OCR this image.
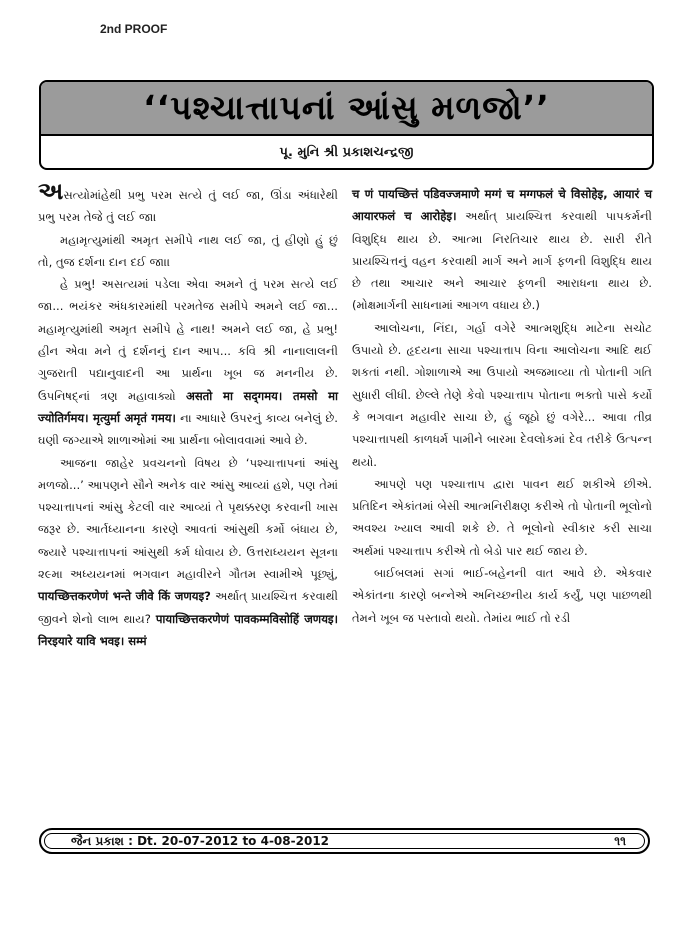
2nd PROOF
‘‘પશ્ચાત્તાપનાં આંસુ મળજો’’
પૂ. મુનિ શ્રી પ્રકાશચન્દ્રજી

અસત્યોમાંહેથી પ્રભુ પરમ સત્યે તું લઈ જા, ઊંડા અંધારેથી પ્રભુ પરમ તેજે તું લઈ જા।

મહામૃત્યુમાંથી અમૃત સમીપે નાથ લઈ જા, તું હીણો હું છું તો, તુજ દર્શના દાન દઈ જા।।

હે પ્રભુ! અસત્યમાં પડેલા એવા અમને તું પરમ સત્યે લઈ જા... ભયંકર અંધકારમાંથી પરમતેજ સમીપે અમને લઈ જા... મહામૃત્યુમાંથી અમૃત સમીપે હે નાથ! અમને લઈ જા, હે પ્રભુ! હીન એવા મને તું દર્શનનું દાન આપ... કવિ શ્રી નાનાલાલની ગુજરાતી પદ્યાનુવાદની આ પ્રાર્થના ખૂબ જ મનનીય છે. ઉપનિષદ્‌નાં ત્રણ મહાવાક્યો असतो मा सद्‌गमय। तमसो मा ज्योतिर्गमय। मृत्युर्मा अमृतं गमय। ના આધારે ઉપરનું કાવ્ય બનેલું છે. ઘણી જગ્યાએ શાળાઓમાં આ પ્રાર્થના બોલાવવામાં આવે છે.

આજના જાહેર પ્રવચનનો વિષય છે ‘પશ્ચાત્તાપનાં આંસુ મળજો...’ આપણને સૌને અનેક વાર આંસુ આવ્યાં હશે, પણ તેમાં પશ્ચાત્તાપનાં આંસુ કેટલી વાર આવ્યાં તે પૃથક્કરણ કરવાની ખાસ જરૂર છે. આર્તધ્યાનના કારણે આવતાં આંસુથી કર્મો બંધાય છે, જ્યારે પશ્ચાત્તાપનાં આંસુથી કર્મ ધોવાય છે. ઉત્તરાધ્યયન સૂત્રના ૨૯મા અધ્યયનમાં ભગવાન મહાવીરને ગૌતમ સ્વામીએ પૂછ્યું, पायच्छित्तकरणेणं भन्ते जीवे किं जणयइ? અર્થાત્ પ્રાયશ્ચિત્ત કરવાથી જીવને શેનો લાભ થાય? पायाच्छित्तकरणेणं पावकम्मविसोहिं जणयइ। निरइयारे यावि भवइ। सम्मं

च णं पायच्छित्तं पडिवज्जमाणे मग्गं च मग्गफलं चे विसोहेइ, आयारं च आयारफलं च आरोहेइ। અર્થાત્ પ્રાયશ્ચિત્ત કરવાથી પાપકર્મની વિશુદ્ધિ થાય છે. આત્મા નિરતિચાર થાય છે. સારી રીતે પ્રાયશ્ચિત્તનું વહન કરવાથી માર્ગ અને માર્ગ ફળની વિશુદ્ધિ થાય છે તથા આચાર અને આચાર ફળની આરાધના થાય છે. (મોક્ષમાર્ગની સાધનામાં આગળ વધાય છે.)

આલોચના, નિંદા, ગર્હા વગેરે આત્મશુદ્ધિ માટેના સચોટ ઉપાયો છે. હૃદયના સાચા પશ્ચાત્તાપ વિના આલોચના આદિ થઈ શકતાં નથી. ગોશાળાએ આ ઉપાયો અજમાવ્યા તો પોતાની ગતિ સુધારી લીધી. છેલ્લે તેણે કેવો પશ્ચાત્તાપ પોતાના ભક્તો પાસે કર્યો કે ભગવાન મહાવીર સાચા છે, હું જૂઠો છું વગેરે... આવા તીવ્ર પશ્ચાત્તાપથી કાળધર્મ પામીને બારમા દેવલોકમાં દેવ તરીકે ઉત્પન્ન થયો.

આપણે પણ પશ્ચાત્તાપ દ્વારા પાવન થઈ શકીએ છીએ. પ્રતિદિન એકાંતમાં બેસી આત્મનિરીક્ષણ કરીએ તો પોતાની ભૂલોનો અવશ્ય ખ્યાલ આવી શકે છે. તે ભૂલોનો સ્વીકાર કરી સાચા અર્થમાં પશ્ચાત્તાપ કરીએ તો બેડો પાર થઈ જાય છે.

બાઈબલમાં સગાં ભાઈ-બહેનની વાત આવે છે. એકવાર એકાંતના કારણે બન્નેએ અનિચ્છનીય કાર્ય કર્યું, પણ પાછળથી તેમને ખૂબ જ પસ્તાવો થયો. તેમાંય ભાઈ તો રડી

જૈન પ્રકાશ : Dt. 20-07-2012 to 4-08-2012	૧૧
